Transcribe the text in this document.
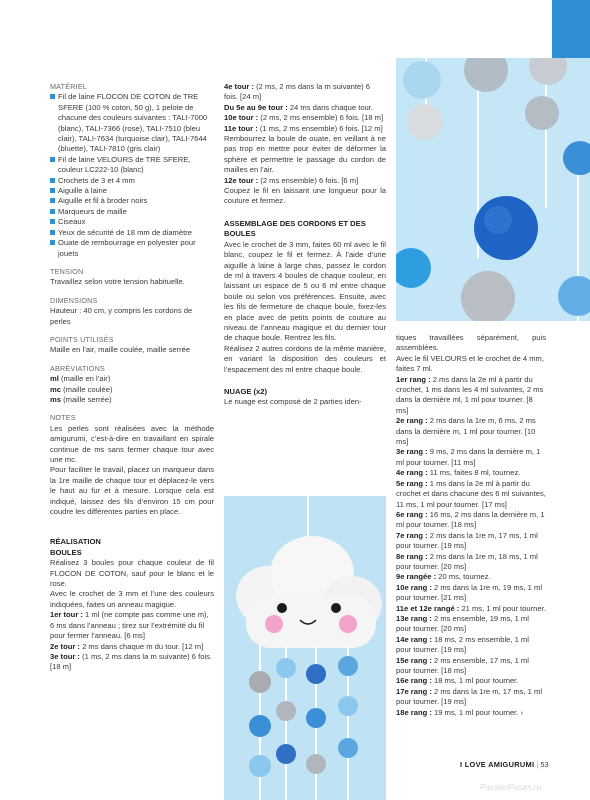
MATÉRIEL

Fil de laine FLOCON DE COTON de TRE SFERE (100 % coton, 50 g), 1 pelote de chacune des couleurs suivantes : TALI-7000 (blanc), TALI-7366 (rose), TALI-7510 (bleu clair), TALI-7634 (turquoise clair), TALI-7644 (bluette), TALI-7810 (gris clair)

Fil de laine VELOURS de TRE SFERE, couleur LC222-10 (blanc)

Crochets de 3 et 4 mm

Aiguille à laine

Aiguille et fil à broder noirs

Marqueurs de maille

Ciseaux

Yeux de sécurité de 18 mm de diamètre

Ouate de rembourrage en polyester pour jouets

TENSION

Travaillez selon votre tension habituelle.

DIMENSIONS

Hauteur : 40 cm, y compris les cordons de perles

POINTS UTILISÉS

Maille en l’air, maille coulée, maille serrée

ABRÉVIATIONS

ml (maille en l’air)

mc (maille coulée)

ms (maille serrée)

NOTES

Les perles sont réalisées avec la méthode amigurumi, c’est-à-dire en travaillant en spirale continue de ms sans fermer chaque tour avec une mc.

Pour faciliter le travail, placez un marqueur dans la 1re maille de chaque tour et déplacez-le vers le haut au fur et à mesure. Lorsque cela est indiqué, laissez des fils d’environ 15 cm pour coudre les différentes parties en place.

RÉALISATION

BOULES

Réalisez 3 boules pour chaque couleur de fil FLOCON DE COTON, sauf pour le blanc et le rose.

Avec le crochet de 3 mm et l’une des couleurs indiquées, faites un anneau magique.

1er tour : 1 ml (ne compte pas comme une m), 6 ms dans l’anneau ; tirez sur l’extrémité du fil pour fermer l’anneau. [6 ms]

2e tour : 2 ms dans chaque m du tour. [12 m]

3e tour : (1 ms, 2 ms dans la m suivante) 6 fois. [18 m]

4e tour : (2 ms, 2 ms dans la m suivante) 6 fois. [24 m]

Du 5e au 9e tour : 24 ms dans chaque tour.

10e tour : (2 ms, 2 ms ensemble) 6 fois. [18 m]

11e tour : (1 ms, 2 ms ensemble) 6 fois. [12 m]

Rembourrez la boule de ouate, en veillant à ne pas trop en mettre pour éviter de déformer la sphère et permettre le passage du cordon de mailles en l’air.

12e tour : (2 ms ensemble) 6 fois. [6 m]

Coupez le fil en laissant une longueur pour la couture et fermez.

ASSEMBLAGE DES CORDONS ET DES BOULES

Avec le crochet de 3 mm, faites 60 ml avec le fil blanc, coupez le fil et fermez. À l’aide d’une aiguille à laine à large chas, passez le cordon de ml à travers 4 boules de chaque couleur, en laissant un espace de 5 ou 6 ml entre chaque boule ou selon vos préférences. Ensuite, avec les fils de fermeture de chaque boule, fixez-les en place avec de petits points de couture au niveau de l’anneau magique et du dernier tour de chaque boule. Rentrez les fils.

Réalisez 2 autres cordons de la même manière, en variant la disposition des couleurs et l’espacement des ml entre chaque boule.

NUAGE (x2)

Le nuage est composé de 2 parties iden-

tiques travaillées séparément, puis assemblées.

Avec le fil VELOURS et le crochet de 4 mm, faites 7 ml.

1er rang : 2 ms dans la 2e ml à partir du crochet, 1 ms dans les 4 ml suivantes, 2 ms dans la dernière ml, 1 ml pour tourner. [8 ms]

2e rang : 2 ms dans la 1re m, 6 ms, 2 ms dans la dernière m, 1 ml pour tourner. [10 ms]

3e rang : 9 ms, 2 ms dans la dernière m, 1 ml pour tourner. [11 ms]

4e rang : 11 ms, faites 8 ml, tournez.

5e rang : 1 ms dans la 2e ml à partir du crochet et dans chacune des 6 ml suivantes, 11 ms, 1 ml pour tourner. [17 ms]

6e rang : 16 ms, 2 ms dans la dernière m, 1 ml pour tourner. [18 ms]

7e rang : 2 ms dans la 1re m, 17 ms, 1 ml pour tourner. [19 ms]

8e rang : 2 ms dans la 1re m, 18 ms, 1 ml pour tourner. [20 ms]

9e rangée : 20 ms, tournez.

10e rang : 2 ms dans la 1re m, 19 ms, 1 ml pour tourner. [21 ms]

11e et 12e rangé : 21 ms, 1 ml pour tourner.

13e rang : 2 ms ensemble, 19 ms, 1 ml pour tourner. [20 ms]

14e rang : 18 ms, 2 ms ensemble, 1 ml pour tourner. [19 ms]

15e rang : 2 ms ensemble, 17 ms, 1 ml pour tourner. [18 ms]

16e rang : 18 ms, 1 ml pour tourner.

17e rang : 2 ms dans la 1re m, 17 ms, 1 ml pour tourner. [19 ms]

18e rang : 19 ms, 1 ml pour tourner. ›

I LOVE AMIGURUMI | 53
PassionForum.ru
